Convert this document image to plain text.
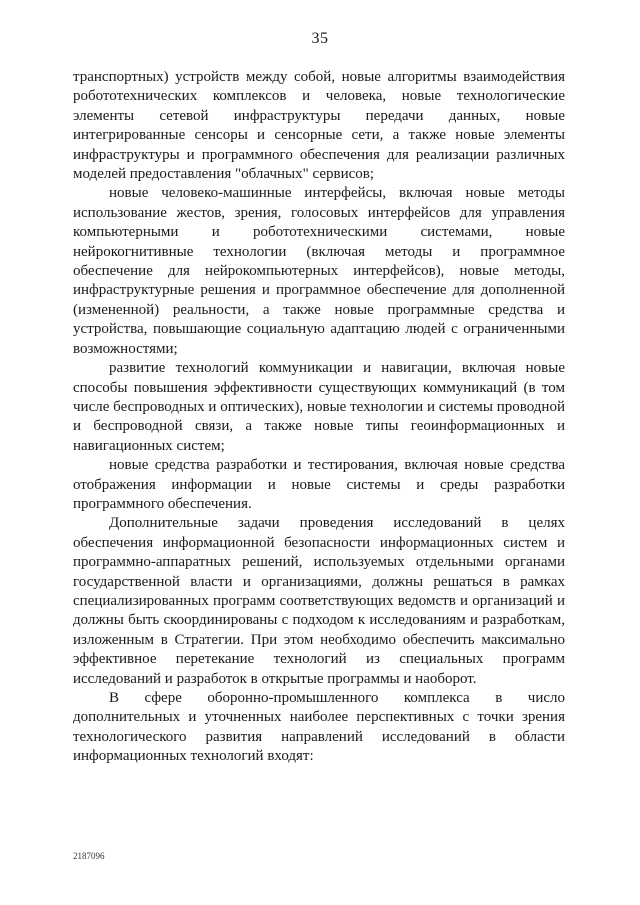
35

транспортных) устройств между собой, новые алгоритмы взаимодействия робототехнических комплексов и человека, новые технологические элементы сетевой инфраструктуры передачи данных, новые интегрированные сенсоры и сенсорные сети, а также новые элементы инфраструктуры и программного обеспечения для реализации различных моделей предоставления "облачных" сервисов;

новые человеко-машинные интерфейсы, включая новые методы использование жестов, зрения, голосовых интерфейсов для управления компьютерными и робототехническими системами, новые нейрокогнитивные технологии (включая методы и программное обеспечение для нейрокомпьютерных интерфейсов), новые методы, инфраструктурные решения и программное обеспечение для дополненной (измененной) реальности, а также новые программные средства и устройства, повышающие социальную адаптацию людей с ограниченными возможностями;

развитие технологий коммуникации и навигации, включая новые способы повышения эффективности существующих коммуникаций (в том числе беспроводных и оптических), новые технологии и системы проводной и беспроводной связи, а также новые типы геоинформационных и навигационных систем;

новые средства разработки и тестирования, включая новые средства отображения информации и новые системы и среды разработки программного обеспечения.

Дополнительные задачи проведения исследований в целях обеспечения информационной безопасности информационных систем и программно-аппаратных решений, используемых отдельными органами государственной власти и организациями, должны решаться в рамках специализированных программ соответствующих ведомств и организаций и должны быть скоординированы с подходом к исследованиям и разработкам, изложенным в Стратегии. При этом необходимо обеспечить максимально эффективное перетекание технологий из специальных программ исследований и разработок в открытые программы и наоборот.

В сфере оборонно-промышленного комплекса в число дополнительных и уточненных наиболее перспективных с точки зрения технологического развития направлений исследований в области информационных технологий входят:

2187096
